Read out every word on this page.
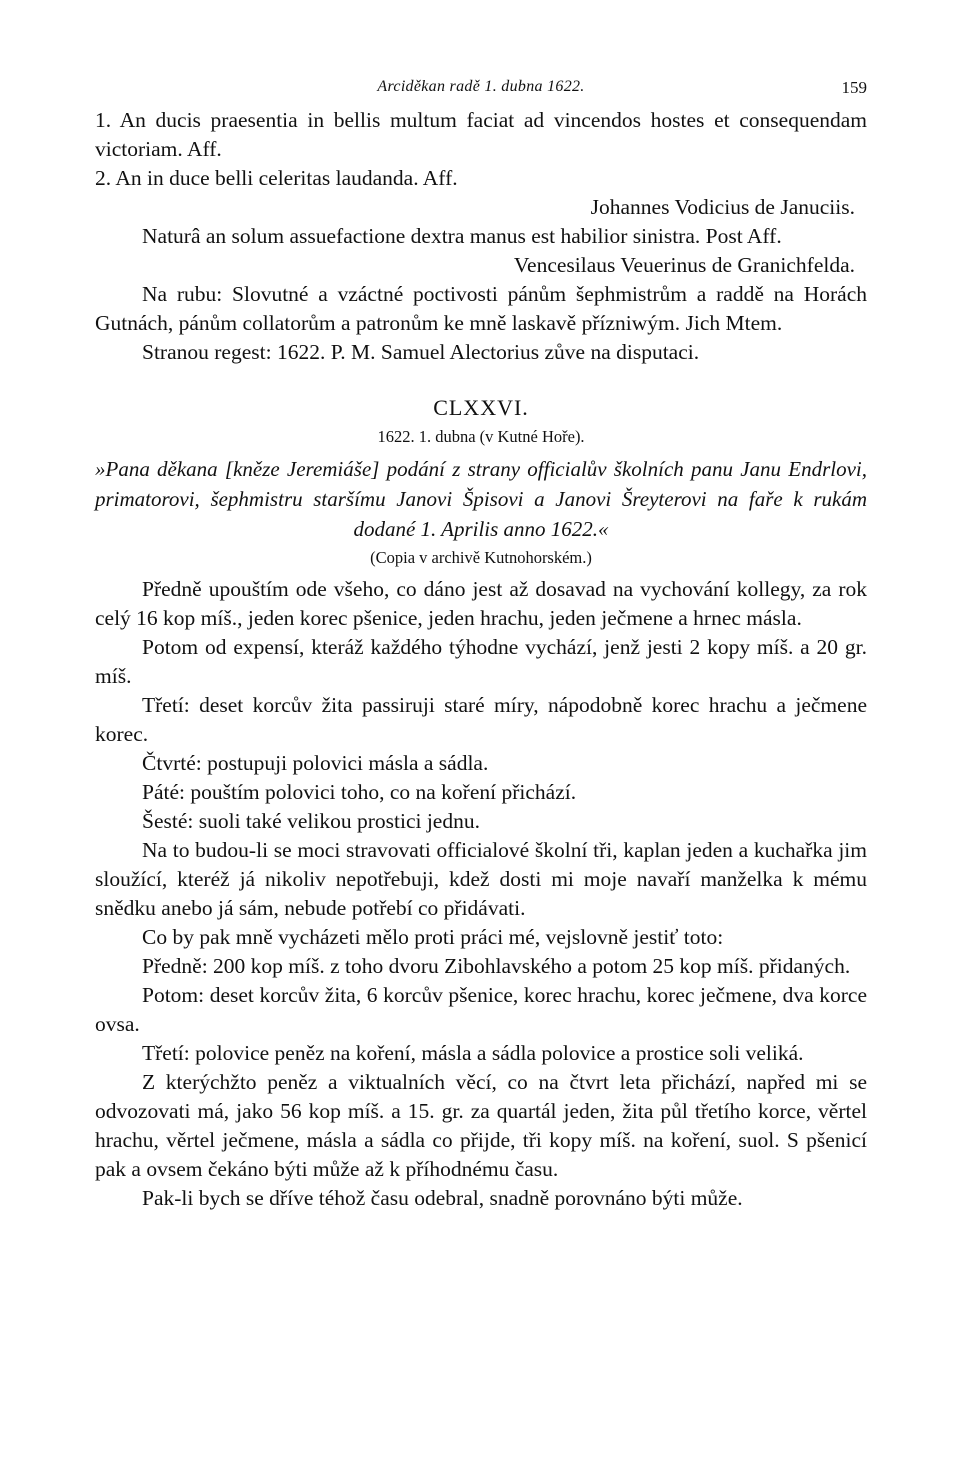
Arciděkan radě 1. dubna 1622.	159

1. An ducis praesentia in bellis multum faciat ad vincendos hostes et consequendam victoriam. Aff.

2. An in duce belli celeritas laudanda. Aff.

Johannes Vodicius de Januciis.

Naturâ an solum assuefactione dextra manus est habilior sinistra. Post Aff.

Vencesilaus Veuerinus de Granichfelda.

Na rubu: Slovutné a vzáctné poctivosti pánům šephmistrům a raddě na Horách Gutnách, pánům collatorům a patronům ke mně laskavě přízniwým. Jich Mtem.

Stranou regest: 1622. P. M. Samuel Alectorius zůve na disputaci.

CLXXVI.
1622. 1. dubna (v Kutné Hoře).

»Pana děkana [kněze Jeremiáše] podání z strany officialův školních panu Janu Endrlovi, primatorovi, šephmistru staršímu Janovi Špisovi a Janovi Šreyterovi na faře k rukám dodané 1. Aprilis anno 1622.«

(Copia v archivě Kutnohorském.)

Předně upouštím ode všeho, co dáno jest až dosavad na vychování kollegy, za rok celý 16 kop míš., jeden korec pšenice, jeden hrachu, jeden ječmene a hrnec másla.

Potom od expensí, kteráž každého týhodne vychází, jenž jesti 2 kopy míš. a 20 gr. míš.

Třetí: deset korcův žita passiruji staré míry, nápodobně korec hrachu a ječmene korec.

Čtvrté: postupuji polovici másla a sádla.

Páté: pouštím polovici toho, co na koření přichází.

Šesté: suoli také velikou prostici jednu.

Na to budou-li se moci stravovati officialové školní tři, kaplan jeden a kuchařka jim sloužící, kteréž já nikoliv nepotřebuji, kdež dosti mi moje navaří manželka k mému snědku anebo já sám, nebude potřebí co přidávati.

Co by pak mně vycházeti mělo proti práci mé, vejslovně jestiť toto:

Předně: 200 kop míš. z toho dvoru Zibohlavského a potom 25 kop míš. přidaných.

Potom: deset korcův žita, 6 korcův pšenice, korec hrachu, korec ječmene, dva korce ovsa.

Třetí: polovice peněz na koření, másla a sádla polovice a prostice soli veliká.

Z kterýchžto peněz a viktualních věcí, co na čtvrt leta přichází, napřed mi se odvozovati má, jako 56 kop míš. a 15. gr. za quartál jeden, žita půl třetího korce, věrtel hrachu, věrtel ječmene, másla a sádla co přijde, tři kopy míš. na koření, suol. S pšenicí pak a ovsem čekáno býti může až k příhodnému času.

Pak-li bych se dříve téhož času odebral, snadně porovnáno býti může.
